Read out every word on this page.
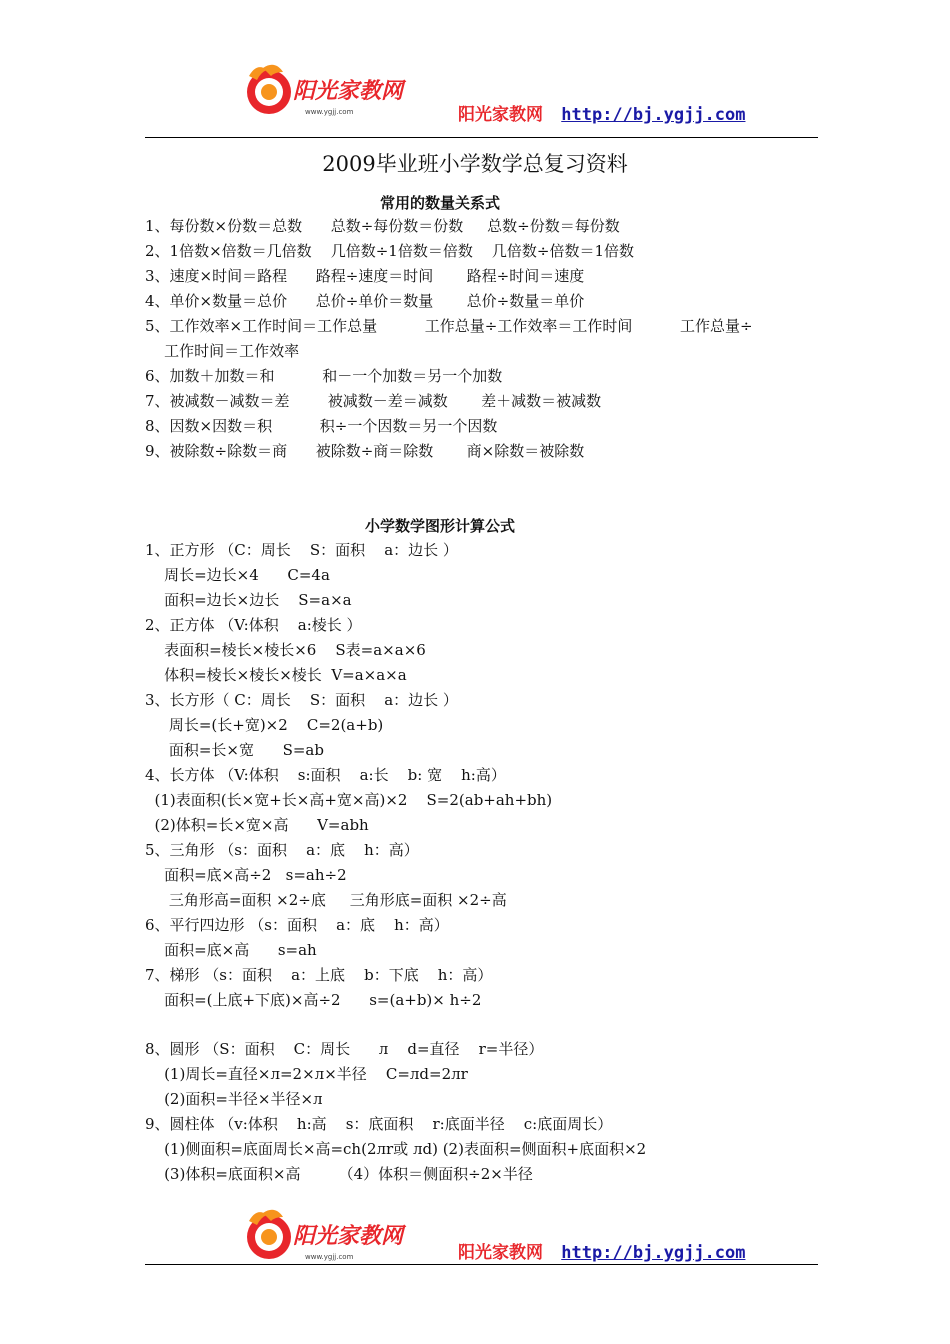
阳光家教网
www.ygjj.com	阳光家教网 http://bj.ygjj.com
2009毕业班小学数学总复习资料
常用的数量关系式
1、每份数×份数＝总数      总数÷每份数＝份数     总数÷份数＝每份数
2、1倍数×倍数＝几倍数    几倍数÷1倍数＝倍数    几倍数÷倍数＝1倍数
3、速度×时间＝路程      路程÷速度＝时间       路程÷时间＝速度
4、单价×数量＝总价      总价÷单价＝数量       总价÷数量＝单价
5、工作效率×工作时间＝工作总量          工作总量÷工作效率＝工作时间          工作总量÷
工作时间＝工作效率
6、加数＋加数＝和          和－一个加数＝另一个加数
7、被减数－减数＝差        被减数－差＝减数       差＋减数＝被减数
8、因数×因数＝积          积÷一个因数＝另一个因数
9、被除数÷除数＝商      被除数÷商＝除数       商×除数＝被除数
小学数学图形计算公式
1、正方形 （C：周长    S：面积    a：边长 ）
周长=边长×4      C=4a
面积=边长×边长    S=a×a
2、正方体 （V:体积    a:棱长 ）
表面积=棱长×棱长×6    S表=a×a×6
体积=棱长×棱长×棱长  V=a×a×a
3、长方形（ C：周长    S：面积    a：边长 ）
周长=(长+宽)×2    C=2(a+b)
面积=长×宽      S=ab
4、长方体 （V:体积    s:面积    a:长    b: 宽    h:高）
(1)表面积(长×宽+长×高+宽×高)×2    S=2(ab+ah+bh)
(2)体积=长×宽×高      V=abh
5、三角形 （s：面积    a：底    h：高）
面积=底×高÷2   s=ah÷2
三角形高=面积 ×2÷底     三角形底=面积 ×2÷高
6、平行四边形 （s：面积    a：底    h：高）
面积=底×高      s=ah
7、梯形 （s：面积    a：上底    b：下底    h：高）
面积=(上底+下底)×高÷2      s=(a+b)× h÷2
8、圆形 （S：面积    C：周长      л    d=直径    r=半径）
(1)周长=直径×л=2×л×半径    C=лd=2лr
(2)面积=半径×半径×л
9、圆柱体 （v:体积    h:高    s：底面积    r:底面半径    c:底面周长）
(1)侧面积=底面周长×高=ch(2лr或 лd) (2)表面积=侧面积+底面积×2
(3)体积=底面积×高        （4）体积＝侧面积÷2×半径
阳光家教网
www.ygjj.com	阳光家教网 http://bj.ygjj.com
